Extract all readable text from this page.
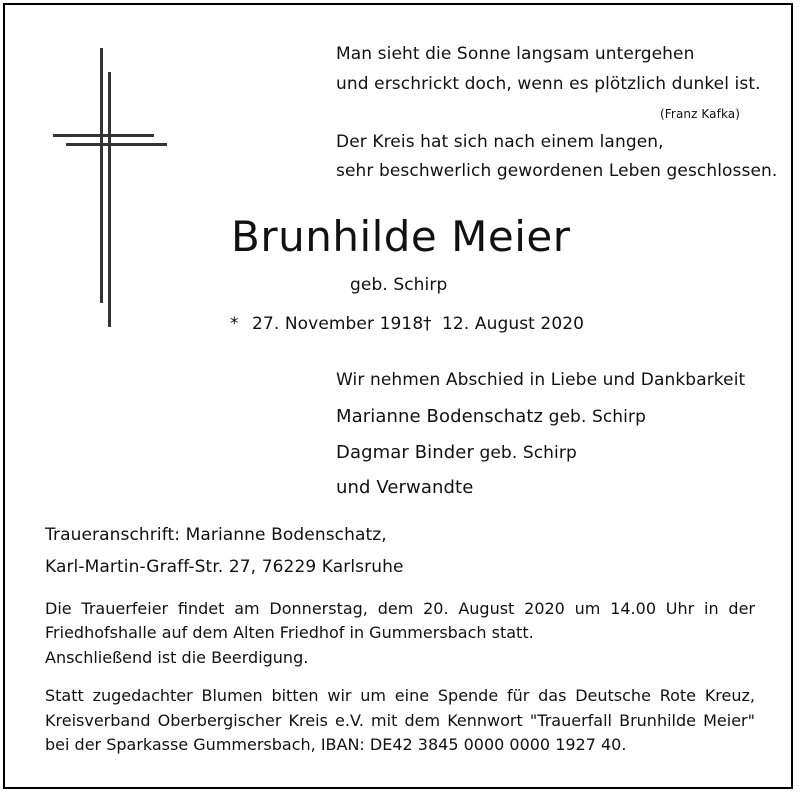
Man sieht die Sonne langsam untergehen
und erschrickt doch, wenn es plötzlich dunkel ist.
(Franz Kafka)
Der Kreis hat sich nach einem langen,
sehr beschwerlich gewordenen Leben geschlossen.
Brunhilde Meier
geb. Schirp
* 27. November 1918 † 12. August 2020
Wir nehmen Abschied in Liebe und Dankbarkeit
Marianne Bodenschatz geb. Schirp
Dagmar Binder geb. Schirp
und Verwandte
Traueranschrift: Marianne Bodenschatz,
Karl-Martin-Graff-Str. 27, 76229 Karlsruhe
Die Trauerfeier findet am Donnerstag, dem 20. August 2020 um 14.00 Uhr in der
Friedhofshalle auf dem Alten Friedhof in Gummersbach statt.
Anschließend ist die Beerdigung.
Statt zugedachter Blumen bitten wir um eine Spende für das Deutsche Rote Kreuz,
Kreisverband Oberbergischer Kreis e.V. mit dem Kennwort "Trauerfall Brunhilde Meier"
bei der Sparkasse Gummersbach, IBAN: DE42 3845 0000 0000 1927 40.
